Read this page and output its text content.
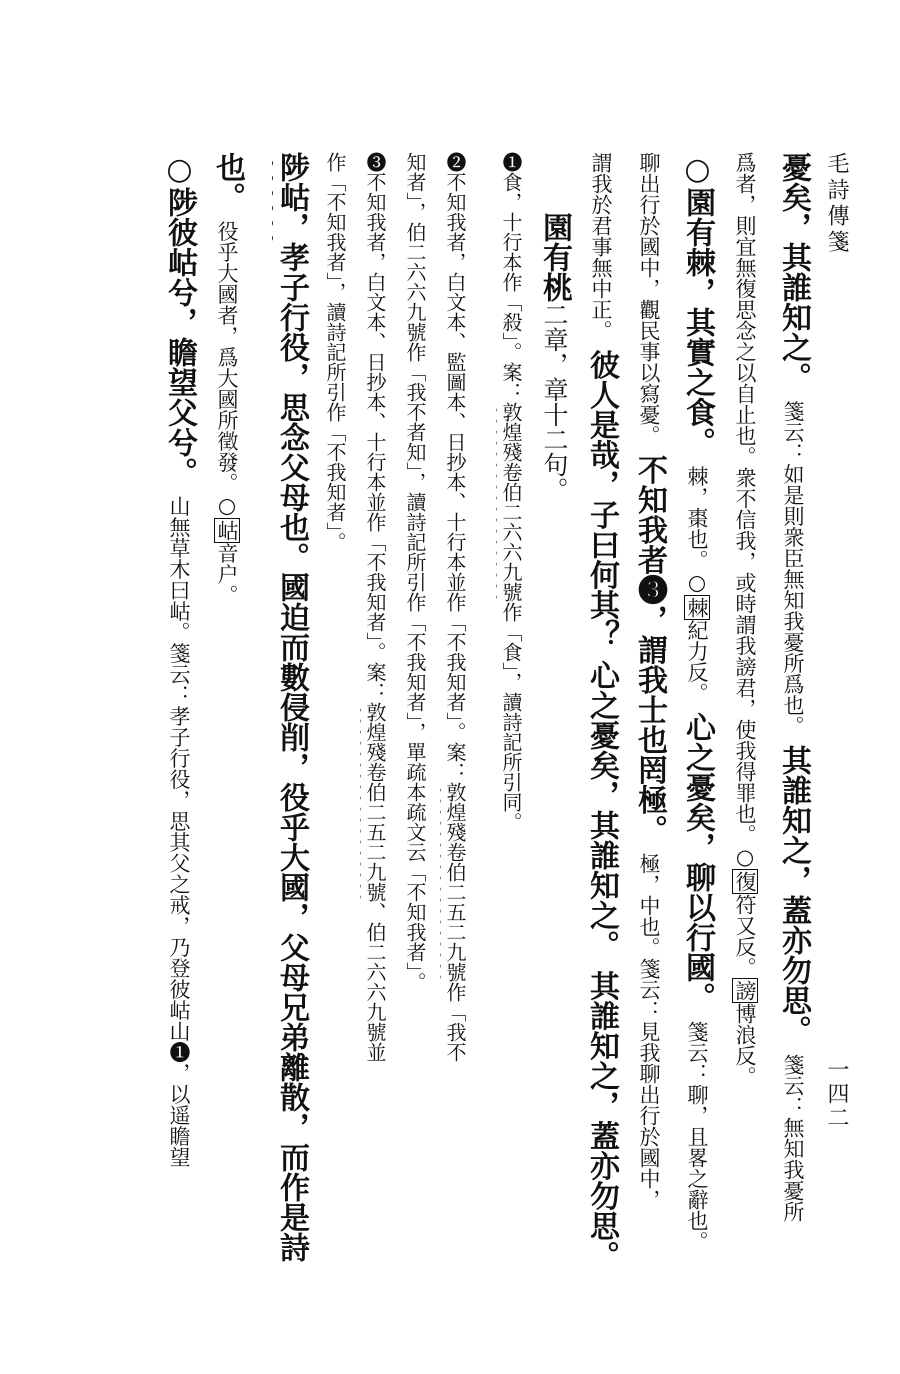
毛詩傳箋
一四二
憂矣，其誰知之。 箋云：如是則衆臣無知我憂所爲也。 其誰知之，蓋亦勿思。 箋云：無知我憂所
爲者，則宜無復思念之以自止也。衆不信我，或時謂我謗君，使我得罪也。○復符又反。謗博浪反。
○園有棘，其實之食。 棘，棗也。○棘紀力反。 心之憂矣，聊以行國。 箋云：聊，且畧之辭也。
聊出行於國中，觀民事以寫憂。 不知我者❸，謂我士也罔極。 極，中也。箋云：見我聊出行於國中，
謂我於君事無中正。 彼人是哉，子曰何其？ 心之憂矣，其誰知之。 其誰知之，蓋亦勿思。
園有桃二章，章十二句。
❶食，十行本作「殺」。案：敦煌殘卷伯二六六九號作「食」，讀詩記所引同。
❷不知我者，白文本、監圖本、日抄本、十行本並作「不我知者」。案：敦煌殘卷伯二五二九號作「我不
知者」，伯二六六九號作「我不者知」，讀詩記所引作「不我知者」，單疏本疏文云「不知我者」。
❸不知我者，白文本、日抄本、十行本並作「不我知者」。案：敦煌殘卷伯二五二九號、伯二六六九號並
作「不知我者」，讀詩記所引作「不我知者」。
陟岵，孝子行役，思念父母也。國迫而數侵削，役乎大國，父母兄弟離散，而作是詩
也。 役乎大國者，爲大國所徵發。○岵音户。
○陟彼岵兮，瞻望父兮。 山無草木曰岵。箋云：孝子行役，思其父之戒，乃登彼岵山❶，以遥瞻望
